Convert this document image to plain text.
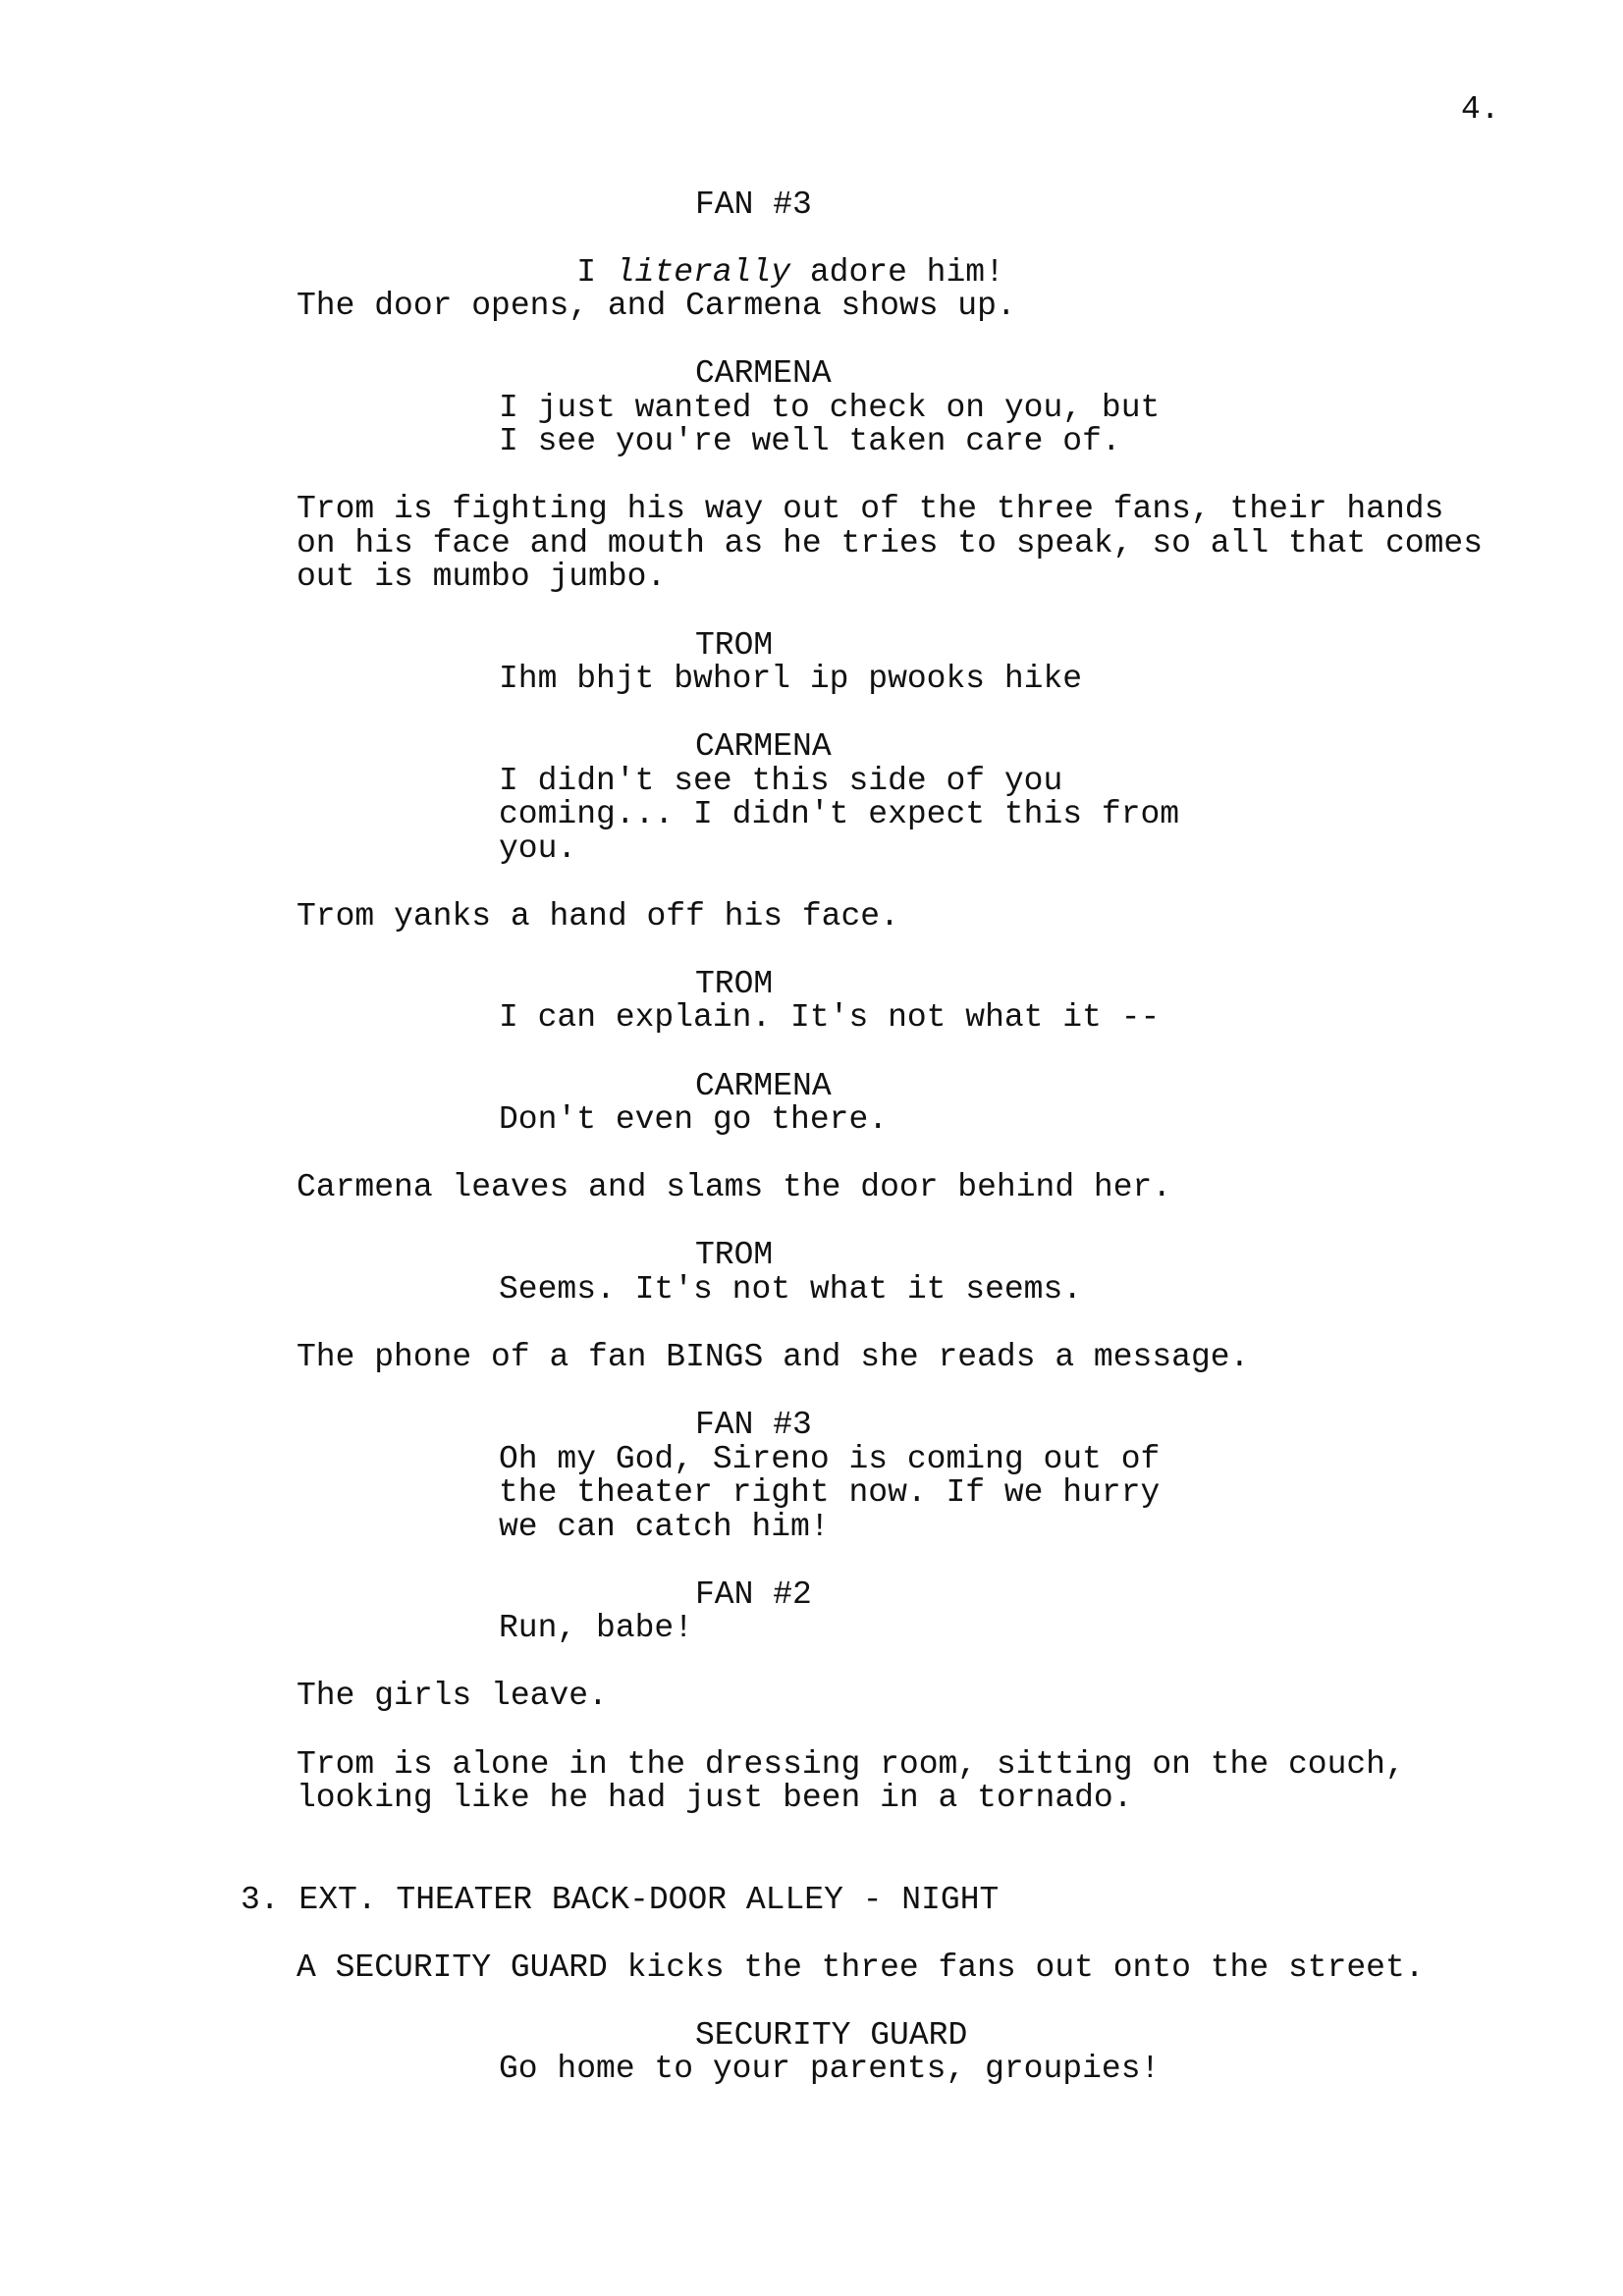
4.
FAN #3

I literally adore him!

The door opens, and Carmena shows up.
CARMENA
I just wanted to check on you, but
I see you're well taken care of.
Trom is fighting his way out of the three fans, their hands
on his face and mouth as he tries to speak, so all that comes
out is mumbo jumbo.
TROM
Ihm bhjt bwhorl ip pwooks hike
CARMENA
I didn't see this side of you
coming... I didn't expect this from
you.
Trom yanks a hand off his face.
TROM
I can explain. It's not what it --
CARMENA
Don't even go there.
Carmena leaves and slams the door behind her.
TROM
Seems. It's not what it seems.
The phone of a fan BINGS and she reads a message.
FAN #3
Oh my God, Sireno is coming out of
the theater right now. If we hurry
we can catch him!
FAN #2
Run, babe!
The girls leave.
Trom is alone in the dressing room, sitting on the couch,
looking like he had just been in a tornado.
3. EXT. THEATER BACK-DOOR ALLEY - NIGHT
A SECURITY GUARD kicks the three fans out onto the street.
SECURITY GUARD
Go home to your parents, groupies!
